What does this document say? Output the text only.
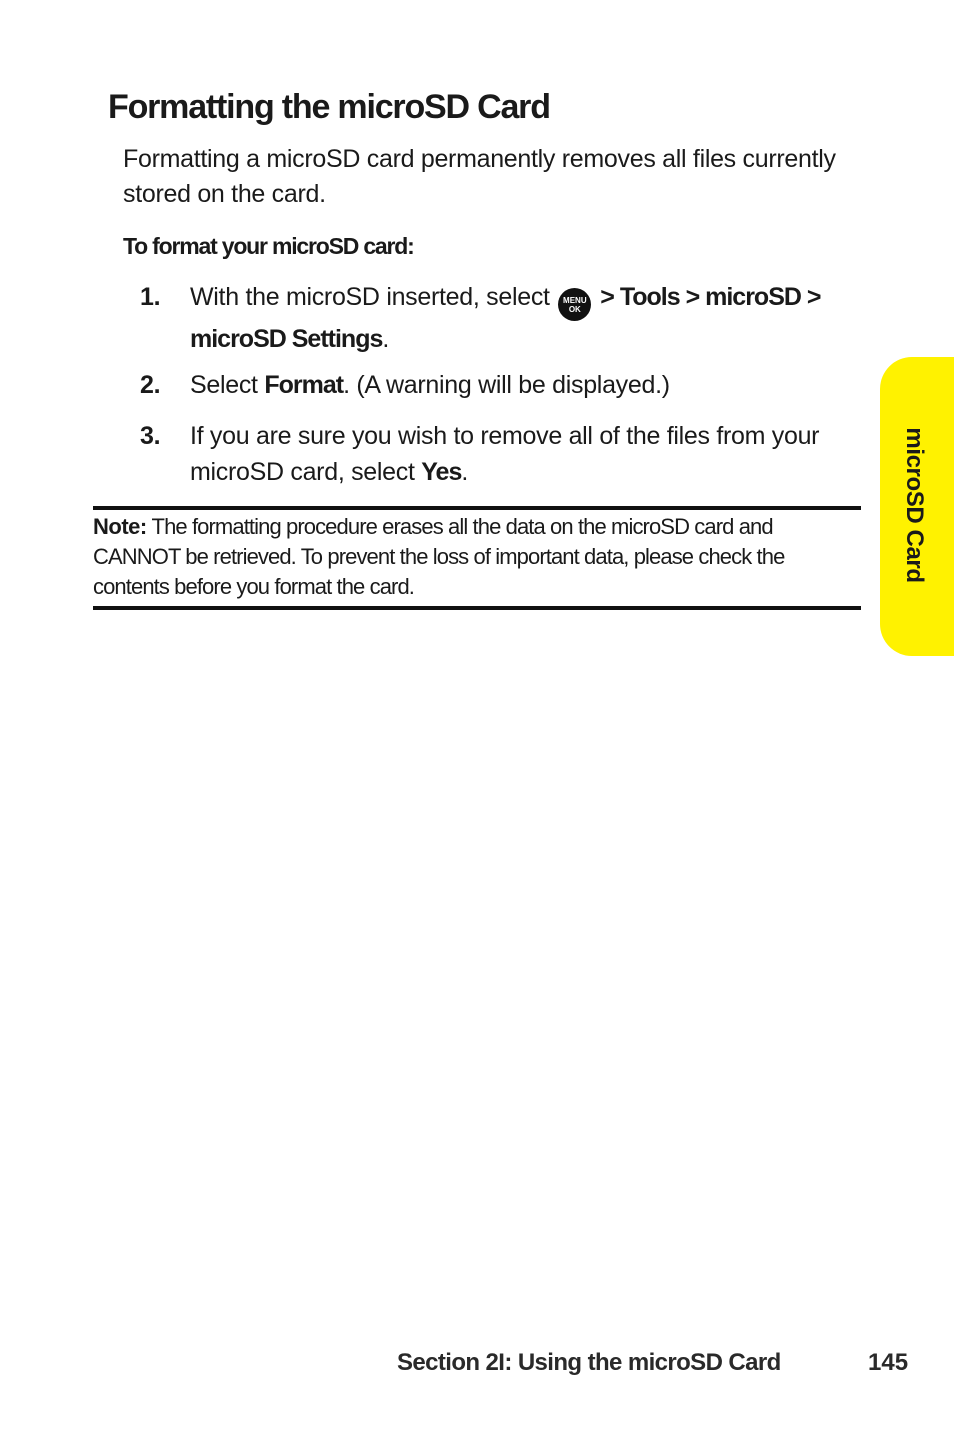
Formatting the microSD Card

Formatting a microSD card permanently removes all files currently stored on the card.

To format your microSD card:

1. With the microSD inserted, select MENU
OK > Tools > microSD > microSD Settings.
2. Select Format. (A warning will be displayed.)
3. If you are sure you wish to remove all of the files from your microSD card, select Yes.

Note: The formatting procedure erases all the data on the microSD card and CANNOT be retrieved. To prevent the loss of important data, please check the contents before you format the card.

microSD Card
Section 2I: Using the microSD Card	145
